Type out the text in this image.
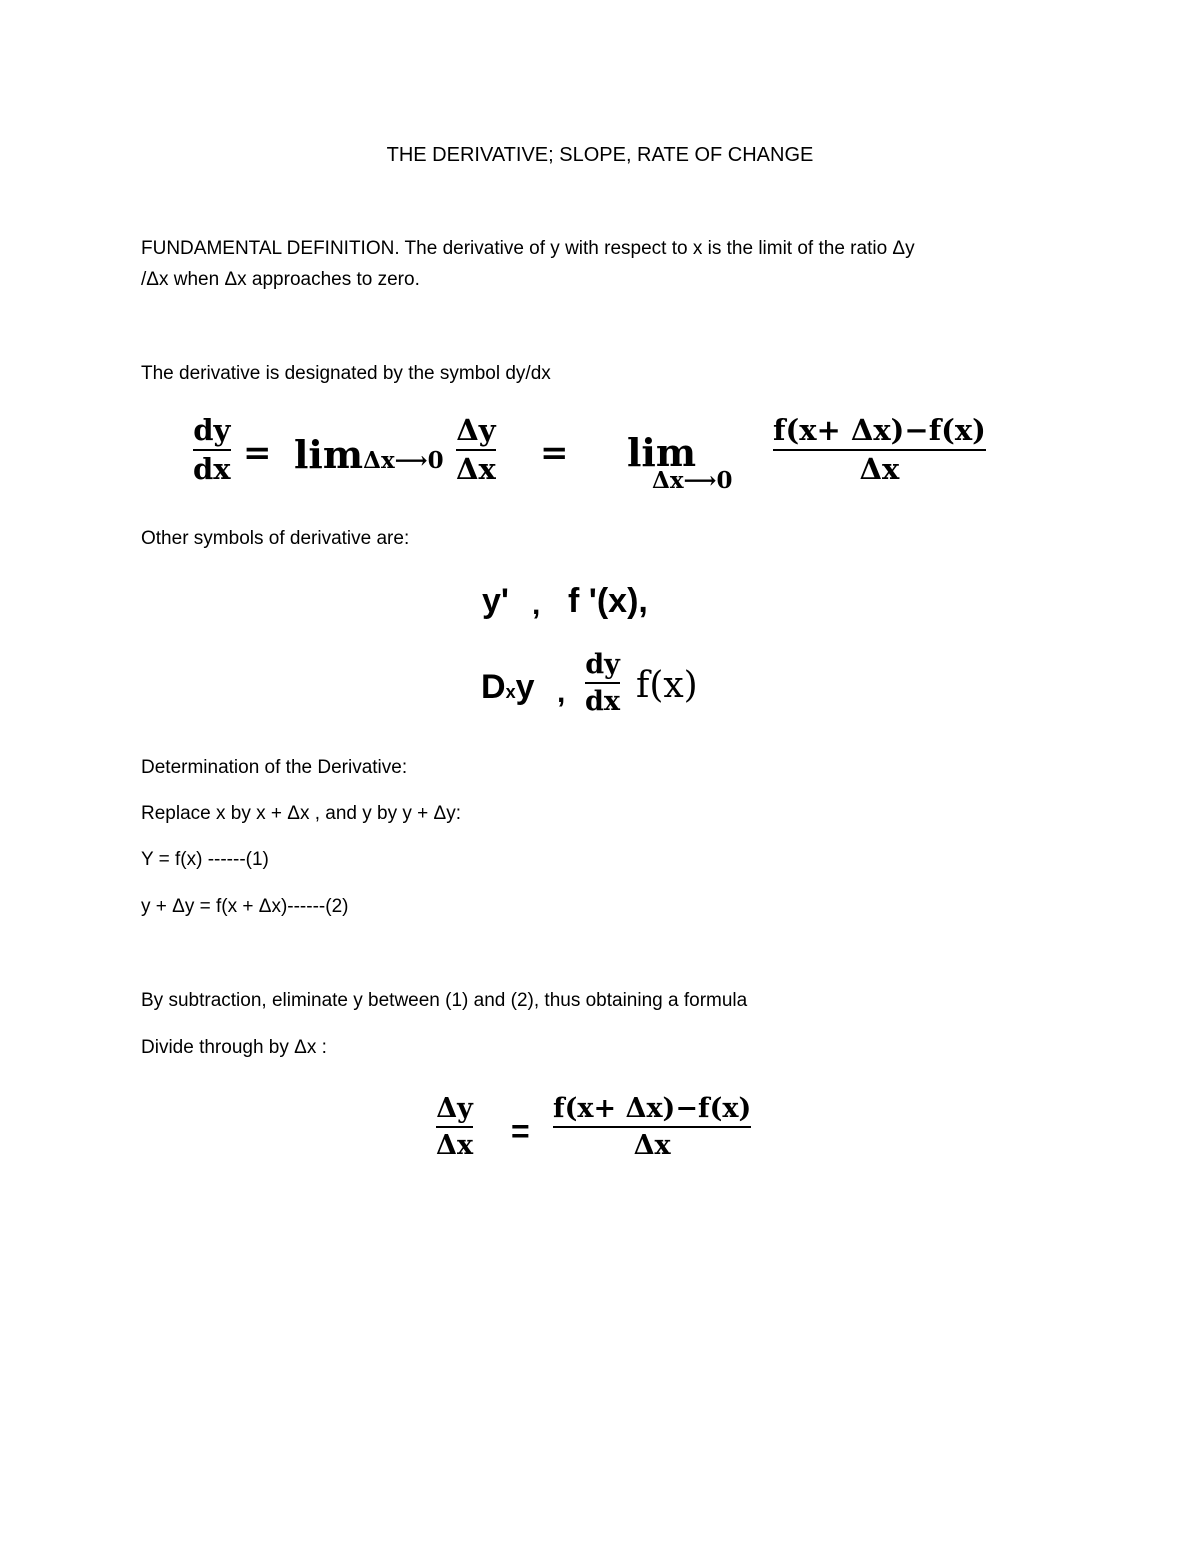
THE DERIVATIVE; SLOPE, RATE OF CHANGE
FUNDAMENTAL DEFINITION. The derivative of y with respect to x is the limit of the ratio Δy
/Δx when Δx approaches to zero.
The derivative is designated by the symbol dy/dx
dy
dx = limΔx⟶0
Δy
Δx = lim
Δx⟶0
f(x+ Δx)−f(x)
Δx
Other symbols of derivative are:
y' , f '(x),
Dxy ,
dy
dx f(x)
Determination of the Derivative:
Replace x by x + Δx , and y by y + Δy:
Y = f(x) ------(1)
y + Δy = f(x + Δx)------(2)
By subtraction, eliminate y between (1) and (2), thus obtaining a formula
Divide through by Δx :
Δy
Δx =
f(x+ Δx)−f(x)
Δx
